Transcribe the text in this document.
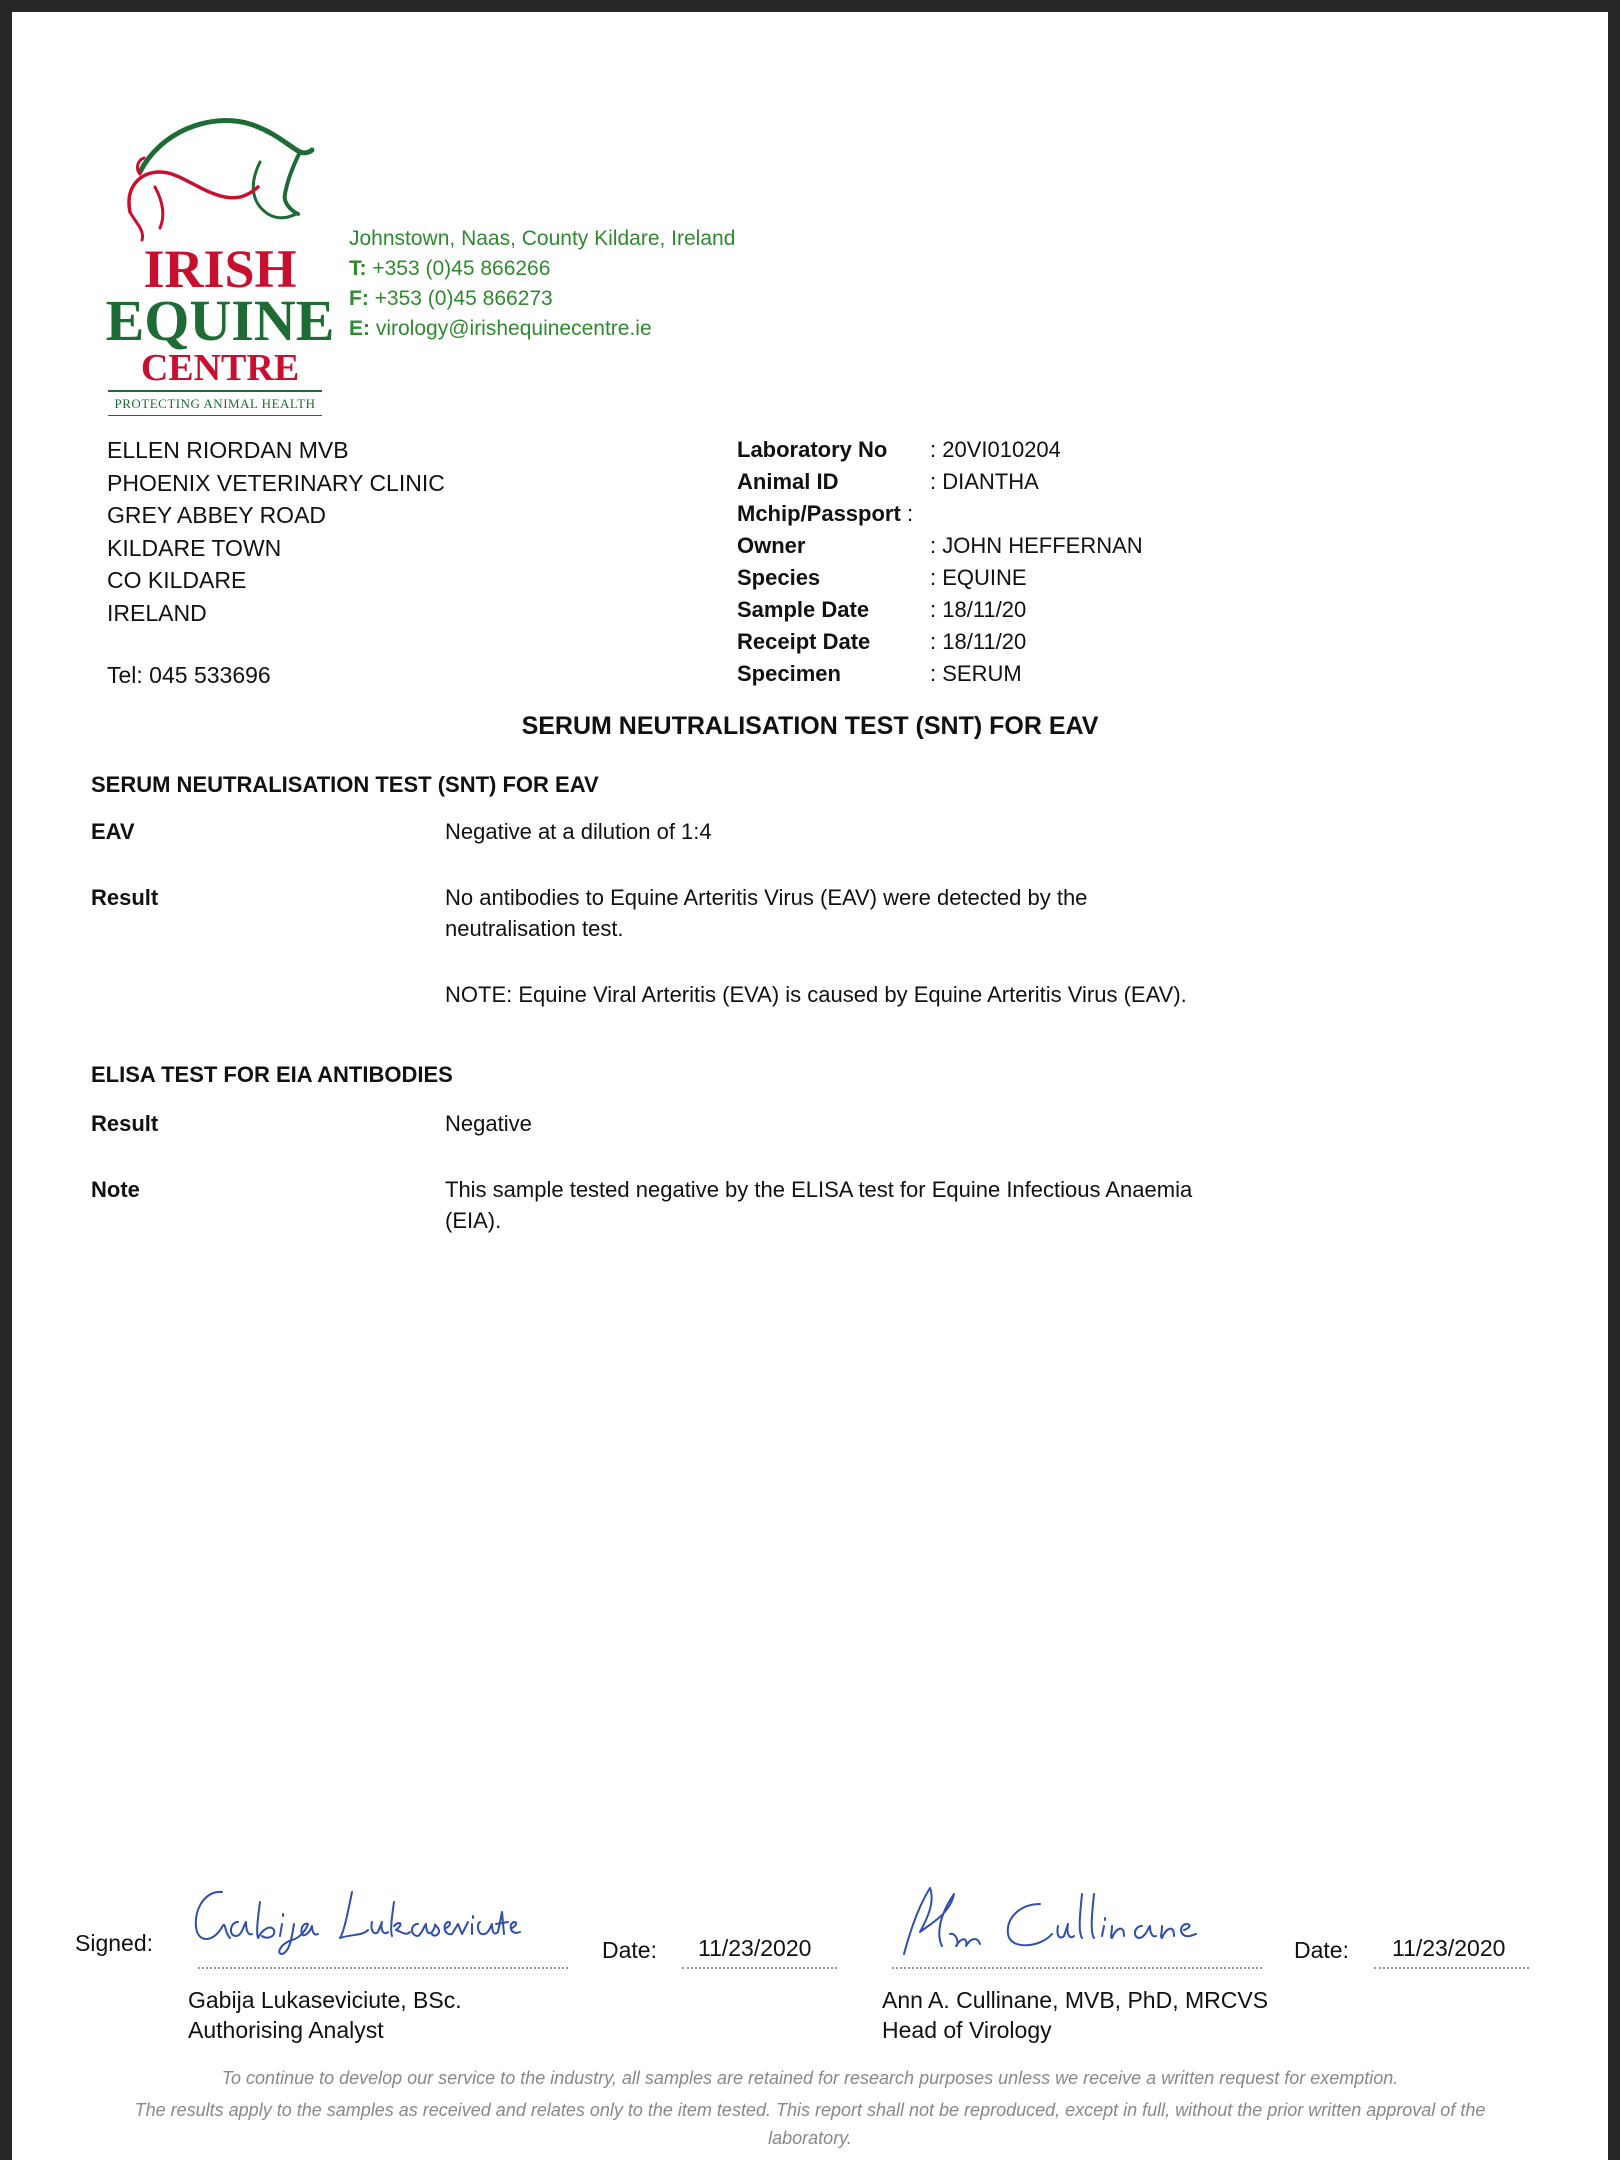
IRISH
EQUINE
CENTRE
PROTECTING ANIMAL HEALTH
Johnstown, Naas, County Kildare, Ireland
T: +353 (0)45 866266
F: +353 (0)45 866273
E: virology@irishequinecentre.ie
ELLEN RIORDAN MVB
PHOENIX VETERINARY CLINIC
GREY ABBEY ROAD
KILDARE TOWN
CO KILDARE
IRELAND
Tel: 045 533696
Laboratory No : 20VI010204
Animal ID	: DIANTHA
Mchip/Passport :
Owner	: JOHN HEFFERNAN
Species	: EQUINE
Sample Date	: 18/11/20
Receipt Date	: 18/11/20
Specimen	: SERUM
SERUM NEUTRALISATION TEST (SNT) FOR EAV
SERUM NEUTRALISATION TEST (SNT) FOR EAV
EAV	Negative at a dilution of 1:4
Result	No antibodies to Equine Arteritis Virus (EAV) were detected by the neutralisation test.
NOTE: Equine Viral Arteritis (EVA) is caused by Equine Arteritis Virus (EAV).
ELISA TEST FOR EIA ANTIBODIES
Result	Negative
Note	This sample tested negative by the ELISA test for Equine Infectious Anaemia (EIA).
Signed:	Date: 11/23/2020	Date: 11/23/2020
Gabija Lukaseviciute, BSc.
Authorising Analyst
Ann A. Cullinane, MVB, PhD, MRCVS
Head of Virology
To continue to develop our service to the industry, all samples are retained for research purposes unless we receive a written request for exemption.
The results apply to the samples as received and relates only to the item tested. This report shall not be reproduced, except in full, without the prior written approval of the laboratory.
